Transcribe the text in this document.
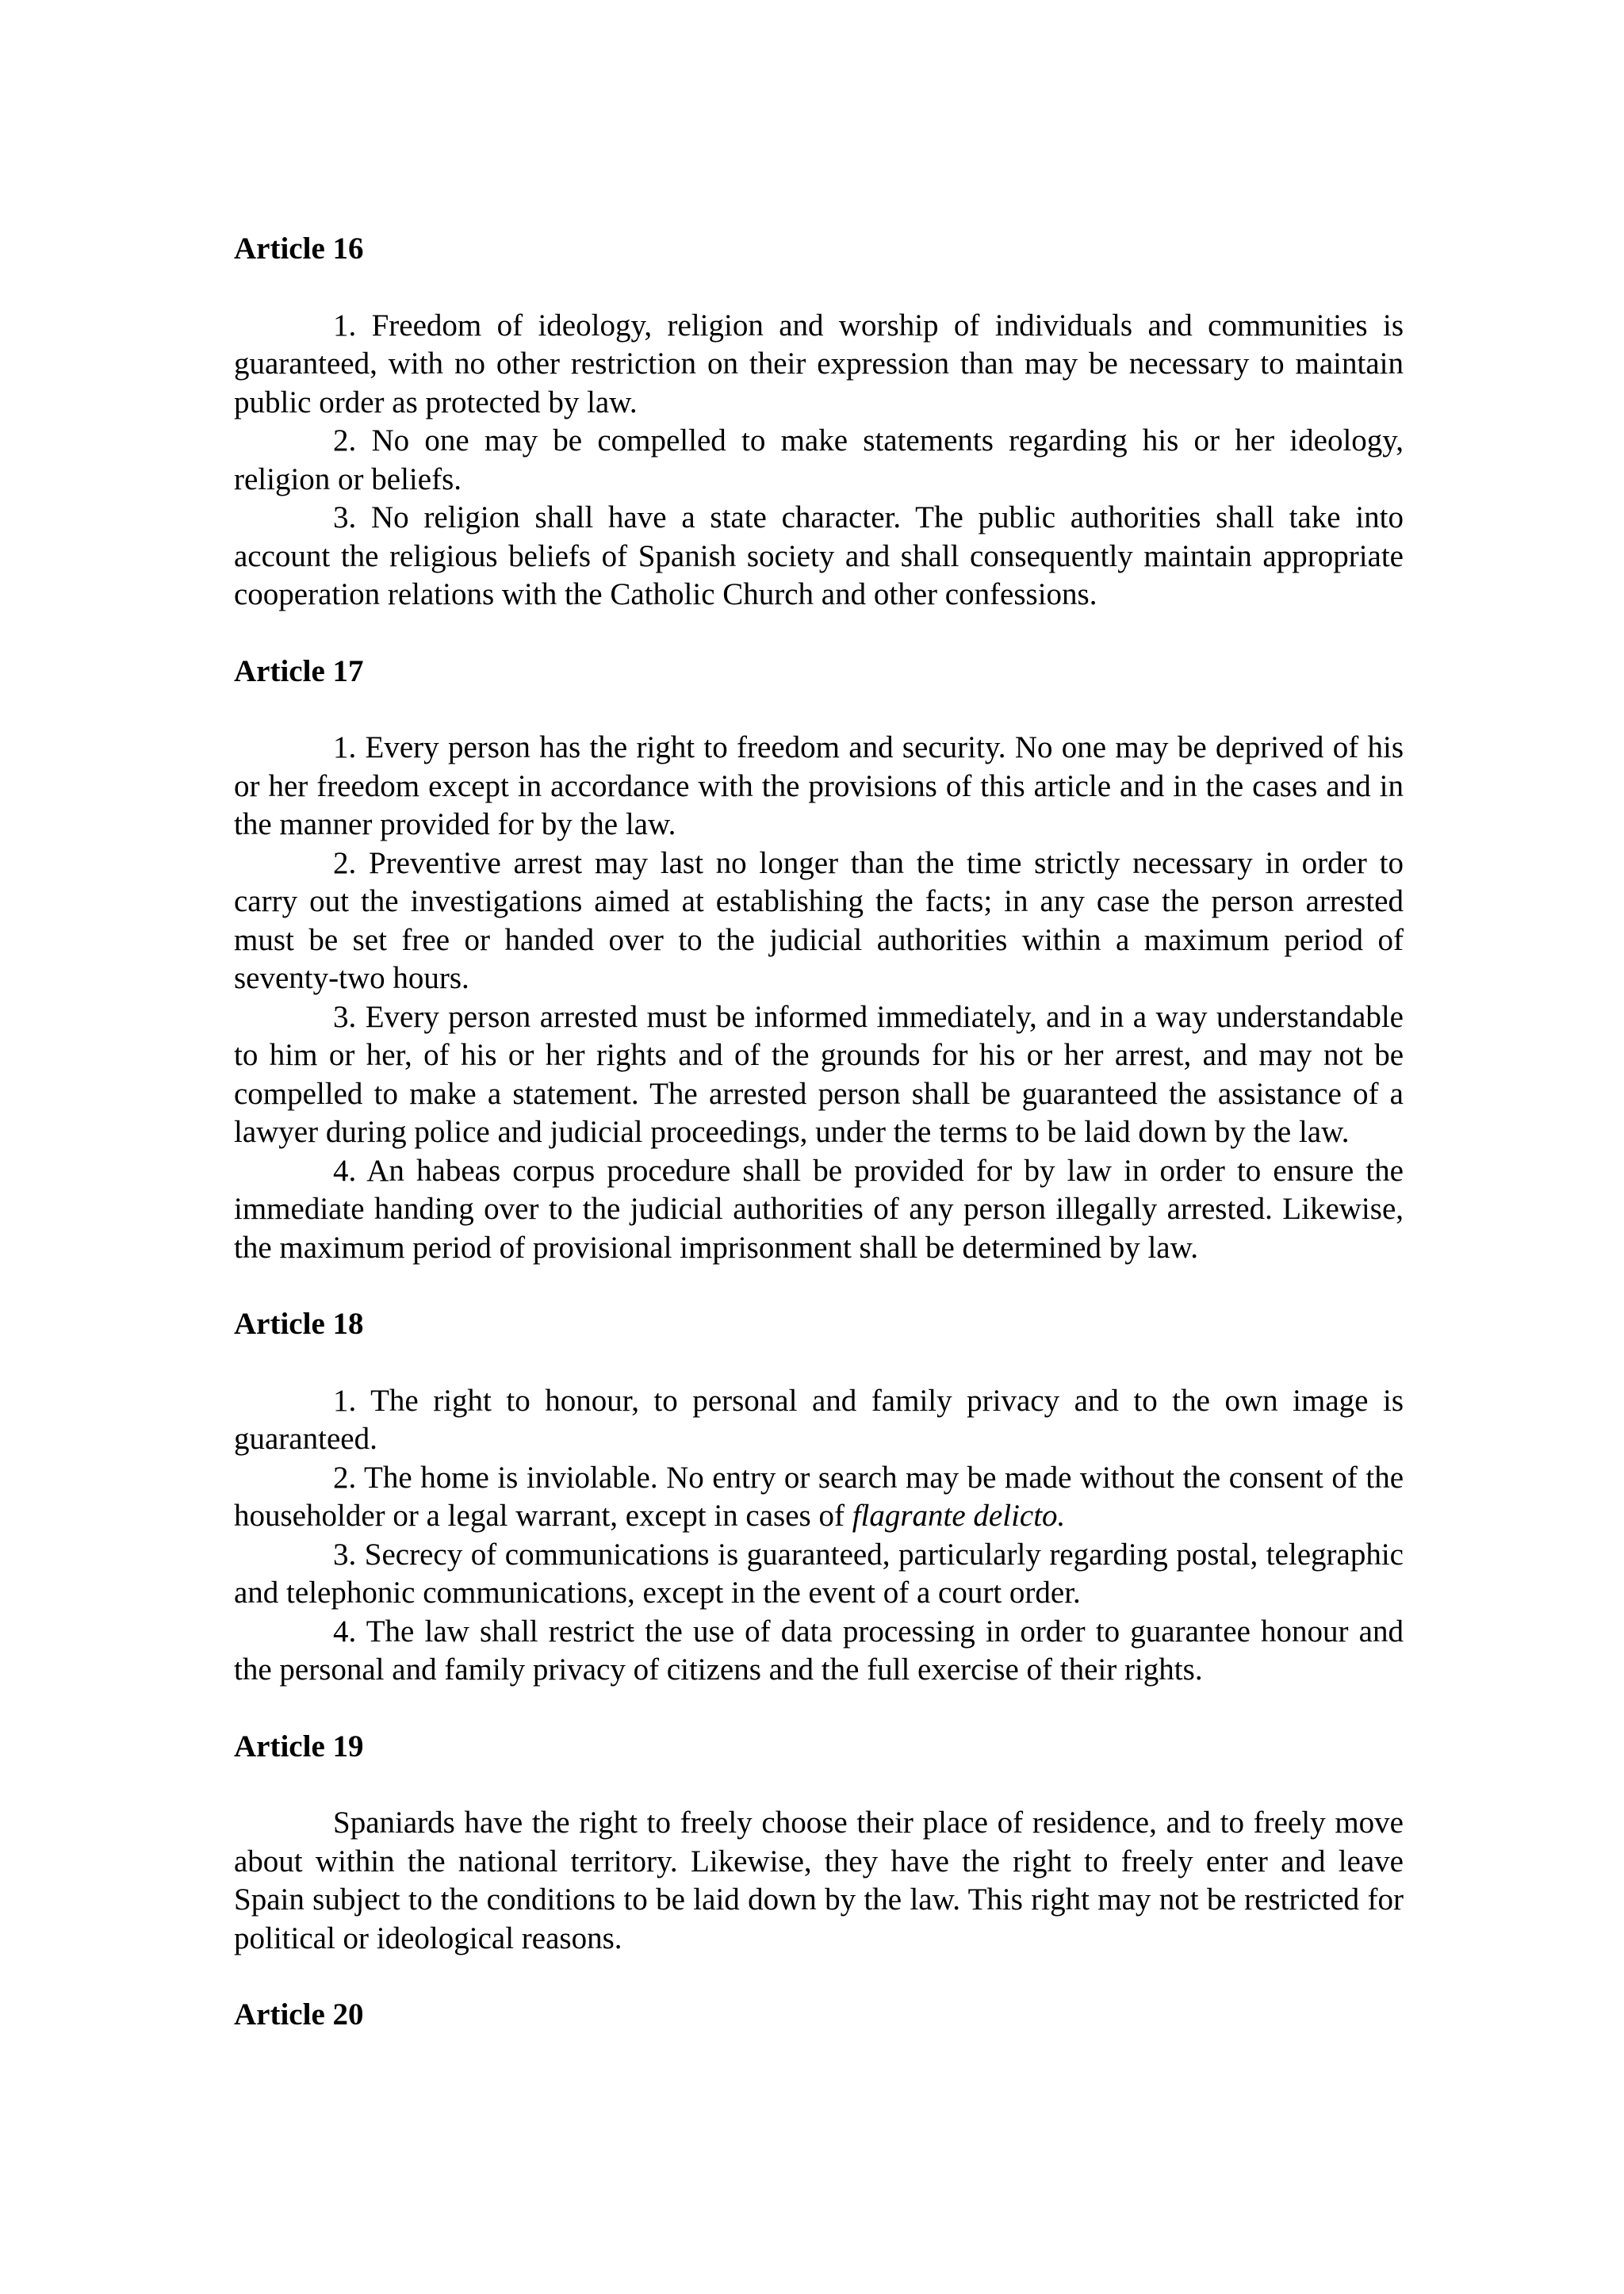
Article 16

1. Freedom of ideology, religion and worship of individuals and communities is guaranteed, with no other restriction on their expression than may be necessary to maintain public order as protected by law.

2. No one may be compelled to make statements regarding his or her ideology, religion or beliefs.

3. No religion shall have a state character. The public authorities shall take into account the religious beliefs of Spanish society and shall consequently maintain appropriate cooperation relations with the Catholic Church and other confessions.

Article 17

1. Every person has the right to freedom and security. No one may be deprived of his or her freedom except in accordance with the provisions of this article and in the cases and in the manner provided for by the law.

2. Preventive arrest may last no longer than the time strictly necessary in order to carry out the investigations aimed at establishing the facts; in any case the person arrested must be set free or handed over to the judicial authorities within a maximum period of seventy-two hours.

3. Every person arrested must be informed immediately, and in a way understandable to him or her, of his or her rights and of the grounds for his or her arrest, and may not be compelled to make a statement. The arrested person shall be guaranteed the assistance of a lawyer during police and judicial proceedings, under the terms to be laid down by the law.

4. An habeas corpus procedure shall be provided for by law in order to ensure the immediate handing over to the judicial authorities of any person illegally arrested. Likewise, the maximum period of provisional imprisonment shall be determined by law.

Article 18

1. The right to honour, to personal and family privacy and to the own image is guaranteed.

2. The home is inviolable. No entry or search may be made without the consent of the householder or a legal warrant, except in cases of flagrante delicto.

3. Secrecy of communications is guaranteed, particularly regarding postal, telegraphic and telephonic communications, except in the event of a court order.

4. The law shall restrict the use of data processing in order to guarantee honour and the personal and family privacy of citizens and the full exercise of their rights.

Article 19

Spaniards have the right to freely choose their place of residence, and to freely move about within the national territory. Likewise, they have the right to freely enter and leave Spain subject to the conditions to be laid down by the law. This right may not be restricted for political or ideological reasons.

Article 20
